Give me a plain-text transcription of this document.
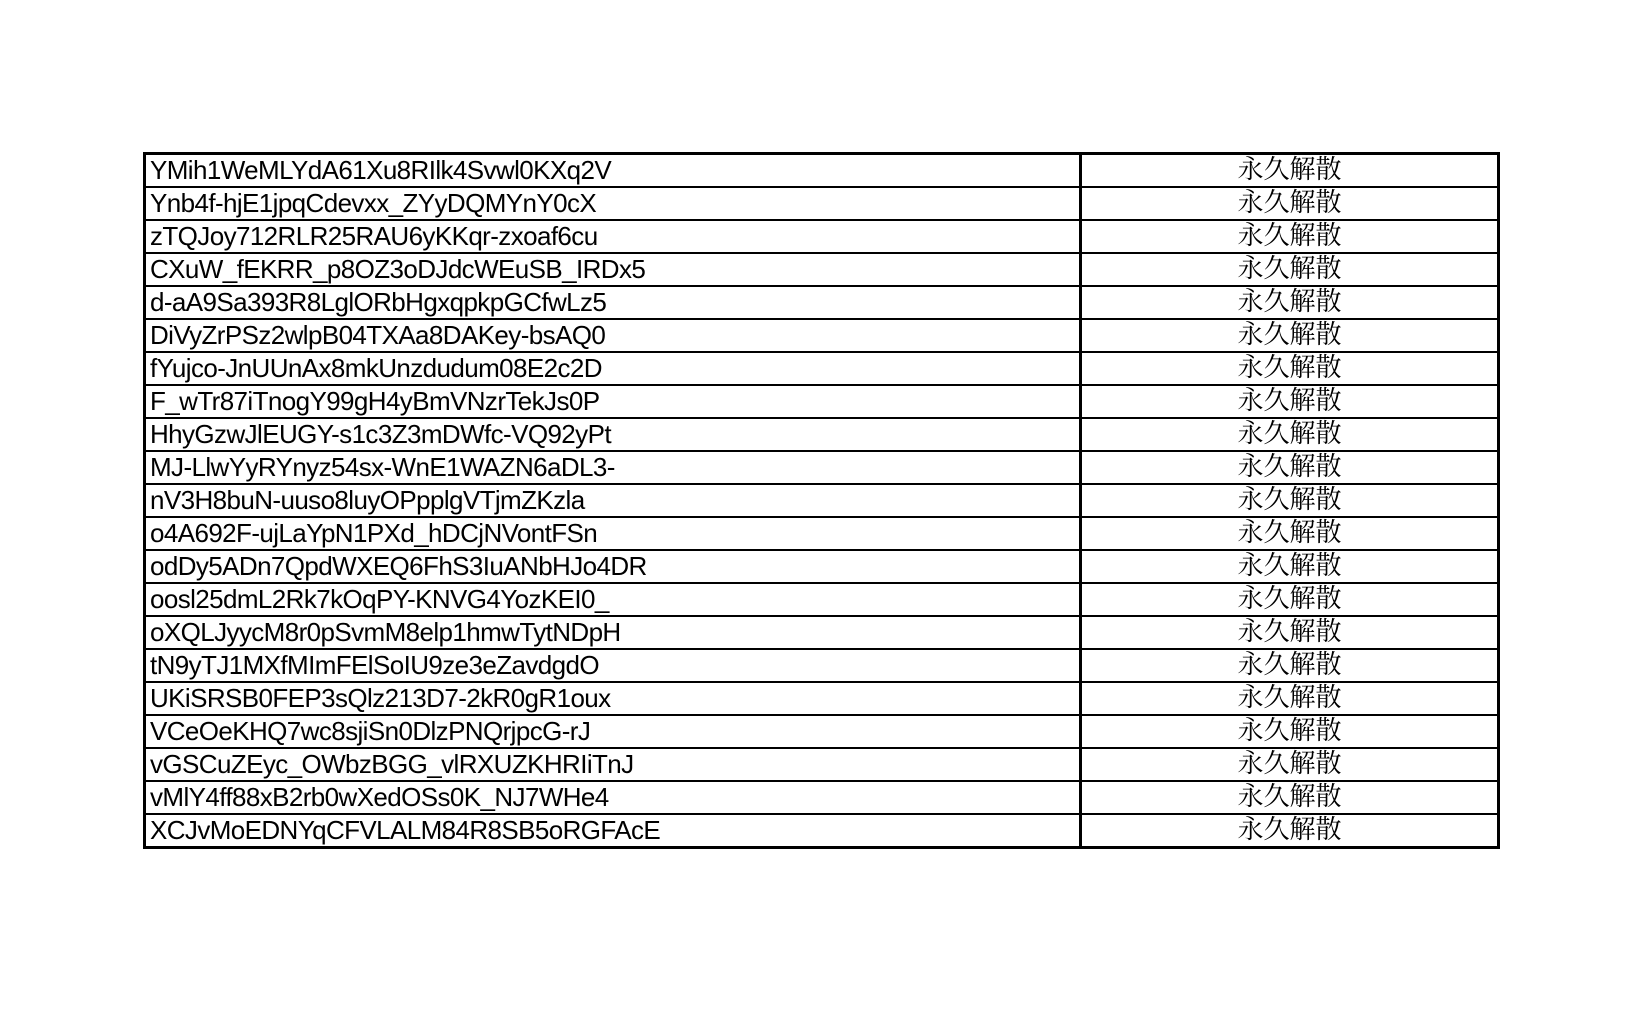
YMih1WeMLYdA61Xu8RIlk4Svwl0KXq2V	永久解散
Ynb4f-hjE1jpqCdevxx_ZYyDQMYnY0cX	永久解散
zTQJoy712RLR25RAU6yKKqr-zxoaf6cu	永久解散
CXuW_fEKRR_p8OZ3oDJdcWEuSB_IRDx5	永久解散
d-aA9Sa393R8LglORbHgxqpkpGCfwLz5	永久解散
DiVyZrPSz2wlpB04TXAa8DAKey-bsAQ0	永久解散
fYujco-JnUUnAx8mkUnzdudum08E2c2D	永久解散
F_wTr87iTnogY99gH4yBmVNzrTekJs0P	永久解散
HhyGzwJlEUGY-s1c3Z3mDWfc-VQ92yPt	永久解散
MJ-LlwYyRYnyz54sx-WnE1WAZN6aDL3-	永久解散
nV3H8buN-uuso8luyOPpplgVTjmZKzla	永久解散
o4A692F-ujLaYpN1PXd_hDCjNVontFSn	永久解散
odDy5ADn7QpdWXEQ6FhS3IuANbHJo4DR	永久解散
oosl25dmL2Rk7kOqPY-KNVG4YozKEI0_	永久解散
oXQLJyycM8r0pSvmM8elp1hmwTytNDpH	永久解散
tN9yTJ1MXfMImFElSoIU9ze3eZavdgdO	永久解散
UKiSRSB0FEP3sQlz213D7-2kR0gR1oux	永久解散
VCeOeKHQ7wc8sjiSn0DlzPNQrjpcG-rJ	永久解散
vGSCuZEyc_OWbzBGG_vlRXUZKHRIiTnJ	永久解散
vMlY4ff88xB2rb0wXedOSs0K_NJ7WHe4	永久解散
XCJvMoEDNYqCFVLALM84R8SB5oRGFAcE	永久解散
